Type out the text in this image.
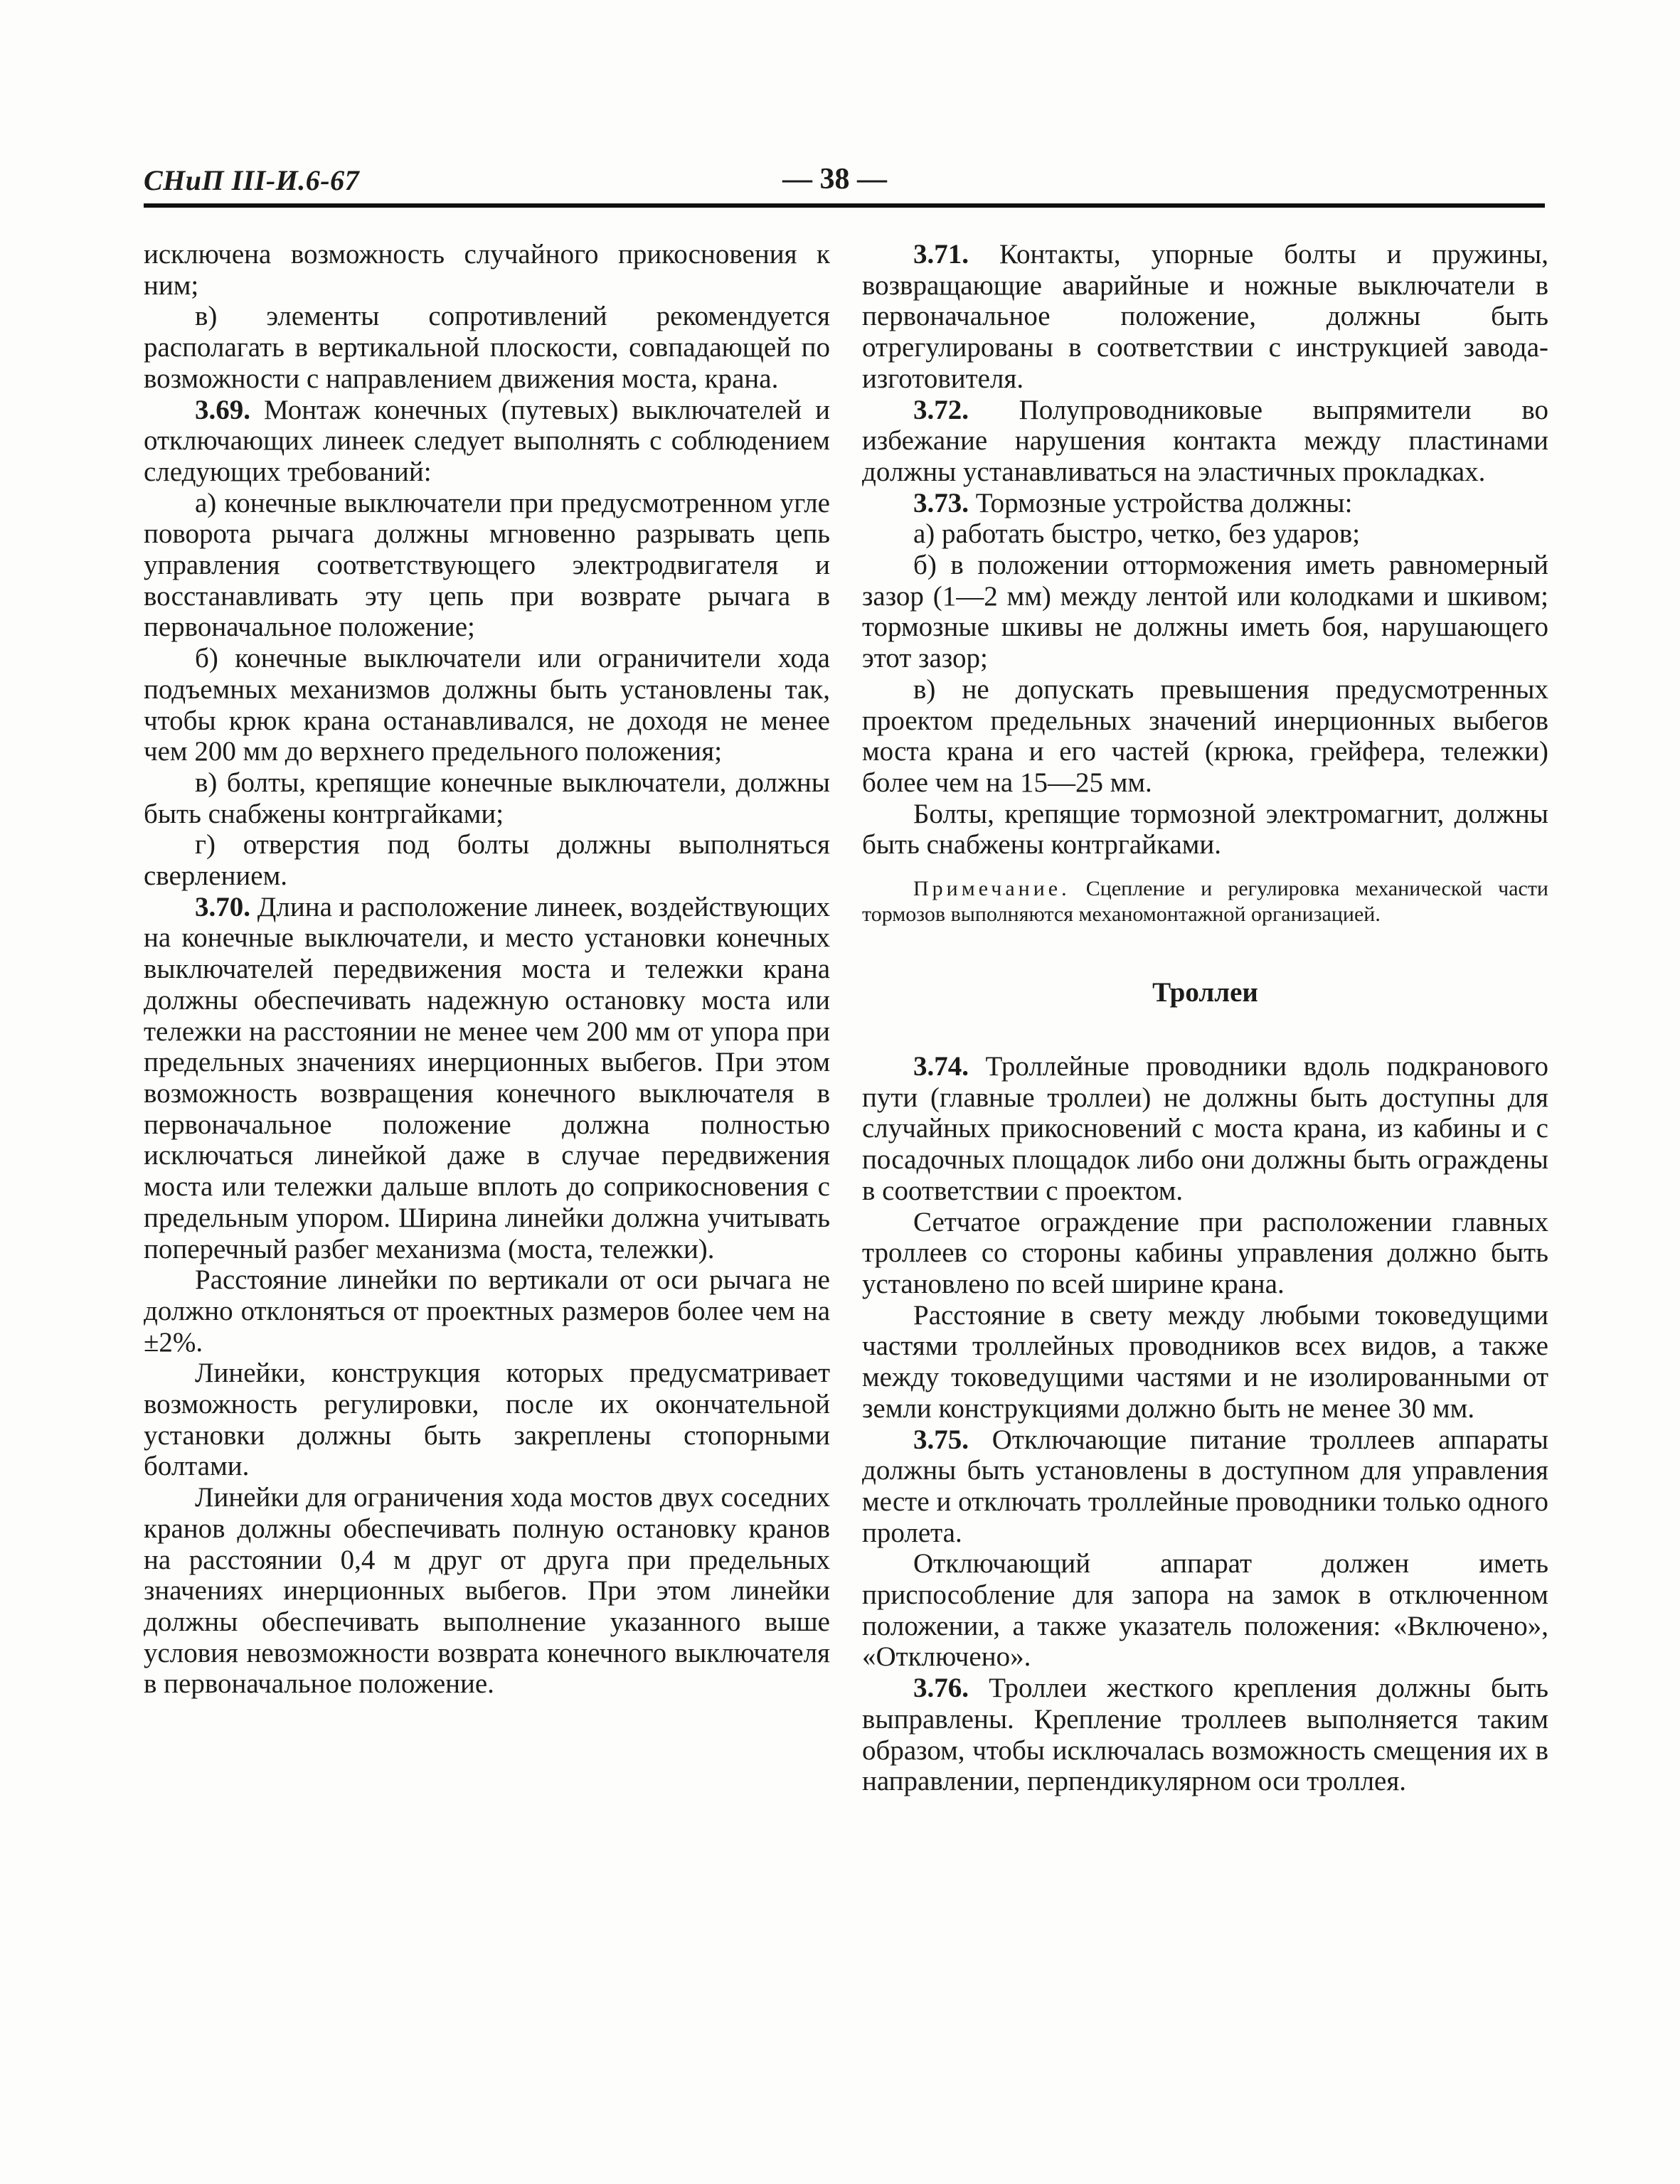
СНиП III-И.6-67	— 38 —

исключена возможность случайного прикосновения к ним;

в) элементы сопротивлений рекомендуется располагать в вертикальной плоскости, совпадающей по возможности с направлением движения моста, крана.

3.69. Монтаж конечных (путевых) выключателей и отключающих линеек следует выполнять с соблюдением следующих требований:

а) конечные выключатели при предусмотренном угле поворота рычага должны мгновенно разрывать цепь управления соответствующего электродвигателя и восстанавливать эту цепь при возврате рычага в первоначальное положение;

б) конечные выключатели или ограничители хода подъемных механизмов должны быть установлены так, чтобы крюк крана останавливался, не доходя не менее чем 200 мм до верхнего предельного положения;

в) болты, крепящие конечные выключатели, должны быть снабжены контргайками;

г) отверстия под болты должны выполняться сверлением.

3.70. Длина и расположение линеек, воздействующих на конечные выключатели, и место установки конечных выключателей передвижения моста и тележки крана должны обеспечивать надежную остановку моста или тележки на расстоянии не менее чем 200 мм от упора при предельных значениях инерционных выбегов. При этом возможность возвращения конечного выключателя в первоначальное положение должна полностью исключаться линейкой даже в случае передвижения моста или тележки дальше вплоть до соприкосновения с предельным упором. Ширина линейки должна учитывать поперечный разбег механизма (моста, тележки).

Расстояние линейки по вертикали от оси рычага не должно отклоняться от проектных размеров более чем на ±2%.

Линейки, конструкция которых предусматривает возможность регулировки, после их окончательной установки должны быть закреплены стопорными болтами.

Линейки для ограничения хода мостов двух соседних кранов должны обеспечивать полную остановку кранов на расстоянии 0,4 м друг от друга при предельных значениях инерционных выбегов. При этом линейки должны обеспечивать выполнение указанного выше условия невозможности возврата конечного выключателя в первоначальное положение.

3.71. Контакты, упорные болты и пружины, возвращающие аварийные и ножные выключатели в первоначальное положение, должны быть отрегулированы в соответствии с инструкцией завода-изготовителя.

3.72. Полупроводниковые выпрямители во избежание нарушения контакта между пластинами должны устанавливаться на эластичных прокладках.

3.73. Тормозные устройства должны:

а) работать быстро, четко, без ударов;

б) в положении отторможения иметь равномерный зазор (1—2 мм) между лентой или колодками и шкивом; тормозные шкивы не должны иметь боя, нарушающего этот зазор;

в) не допускать превышения предусмотренных проектом предельных значений инерционных выбегов моста крана и его частей (крюка, грейфера, тележки) более чем на 15—25 мм.

Болты, крепящие тормозной электромагнит, должны быть снабжены контргайками.

Примечание. Сцепление и регулировка механической части тормозов выполняются механомонтажной организацией.

Троллеи

3.74. Троллейные проводники вдоль подкранового пути (главные троллеи) не должны быть доступны для случайных прикосновений с моста крана, из кабины и с посадочных площадок либо они должны быть ограждены в соответствии с проектом.

Сетчатое ограждение при расположении главных троллеев со стороны кабины управления должно быть установлено по всей ширине крана.

Расстояние в свету между любыми токоведущими частями троллейных проводников всех видов, а также между токоведущими частями и не изолированными от земли конструкциями должно быть не менее 30 мм.

3.75. Отключающие питание троллеев аппараты должны быть установлены в доступном для управления месте и отключать троллейные проводники только одного пролета.

Отключающий аппарат должен иметь приспособление для запора на замок в отключенном положении, а также указатель положения: «Включено», «Отключено».

3.76. Троллеи жесткого крепления должны быть выправлены. Крепление троллеев выполняется таким образом, чтобы исключалась возможность смещения их в направлении, перпендикулярном оси троллея.
